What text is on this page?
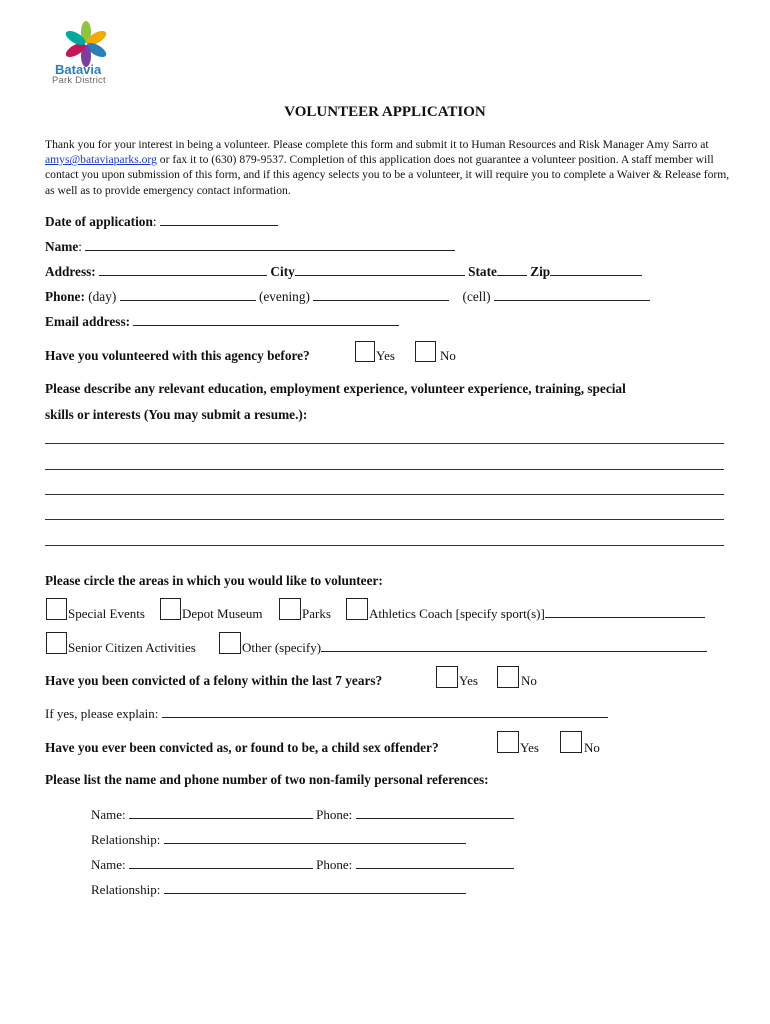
Batavia
Park District
VOLUNTEER APPLICATION
Thank you for your interest in being a volunteer. Please complete this form and submit it to Human Resources and Risk Manager Amy Sarro at amys@bataviaparks.org or fax it to (630) 879-9537. Completion of this application does not guarantee a volunteer position. A staff member will contact you upon submission of this form, and if this agency selects you to be a volunteer, it will require you to complete a Waiver & Release form, as well as to provide emergency contact information.
Date of application:
Name:
Address:	City	State	Zip
Phone: (day)	(evening)	(cell)
Email address:
Have you volunteered with this agency before?	Yes	No
Please describe any relevant education, employment experience, volunteer experience, training, special
skills or interests (You may submit a resume.):
Please circle the areas in which you would like to volunteer:
Special Events	Depot Museum	Parks	Athletics Coach [specify sport(s)]
Senior Citizen Activities	Other (specify)
Have you been convicted of a felony within the last 7 years?	Yes	No
If yes, please explain:
Have you ever been convicted as, or found to be, a child sex offender?	Yes	No
Please list the name and phone number of two non-family personal references:
Name:	Phone:
Relationship:
Name:	Phone:
Relationship:
